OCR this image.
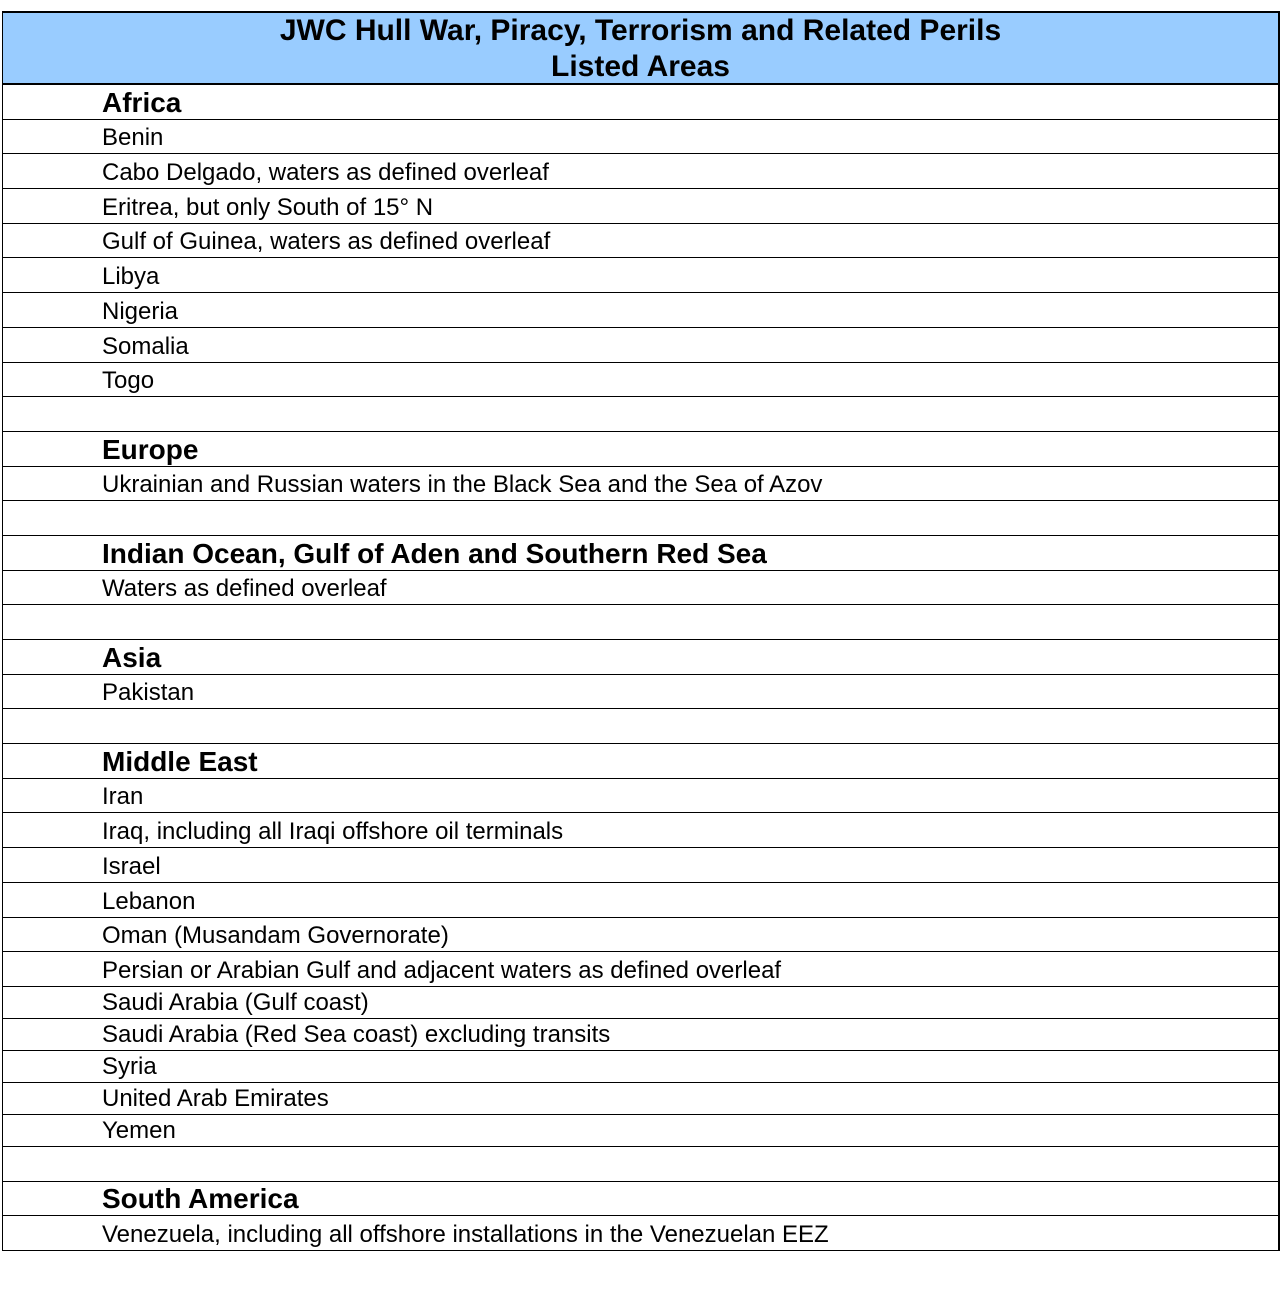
JWC Hull War, Piracy, Terrorism and Related Perils
Listed Areas
Africa
Benin
Cabo Delgado, waters as defined overleaf
Eritrea, but only South of 15° N
Gulf of Guinea, waters as defined overleaf
Libya
Nigeria
Somalia
Togo
Europe
Ukrainian and Russian waters in the Black Sea and the Sea of Azov
Indian Ocean, Gulf of Aden and Southern Red Sea
Waters as defined overleaf
Asia
Pakistan
Middle East
Iran
Iraq, including all Iraqi offshore oil terminals
Israel
Lebanon
Oman (Musandam Governorate)
Persian or Arabian Gulf and adjacent waters as defined overleaf
Saudi Arabia (Gulf coast)
Saudi Arabia (Red Sea coast) excluding transits
Syria
United Arab Emirates
Yemen
South America
Venezuela, including all offshore installations in the Venezuelan EEZ
